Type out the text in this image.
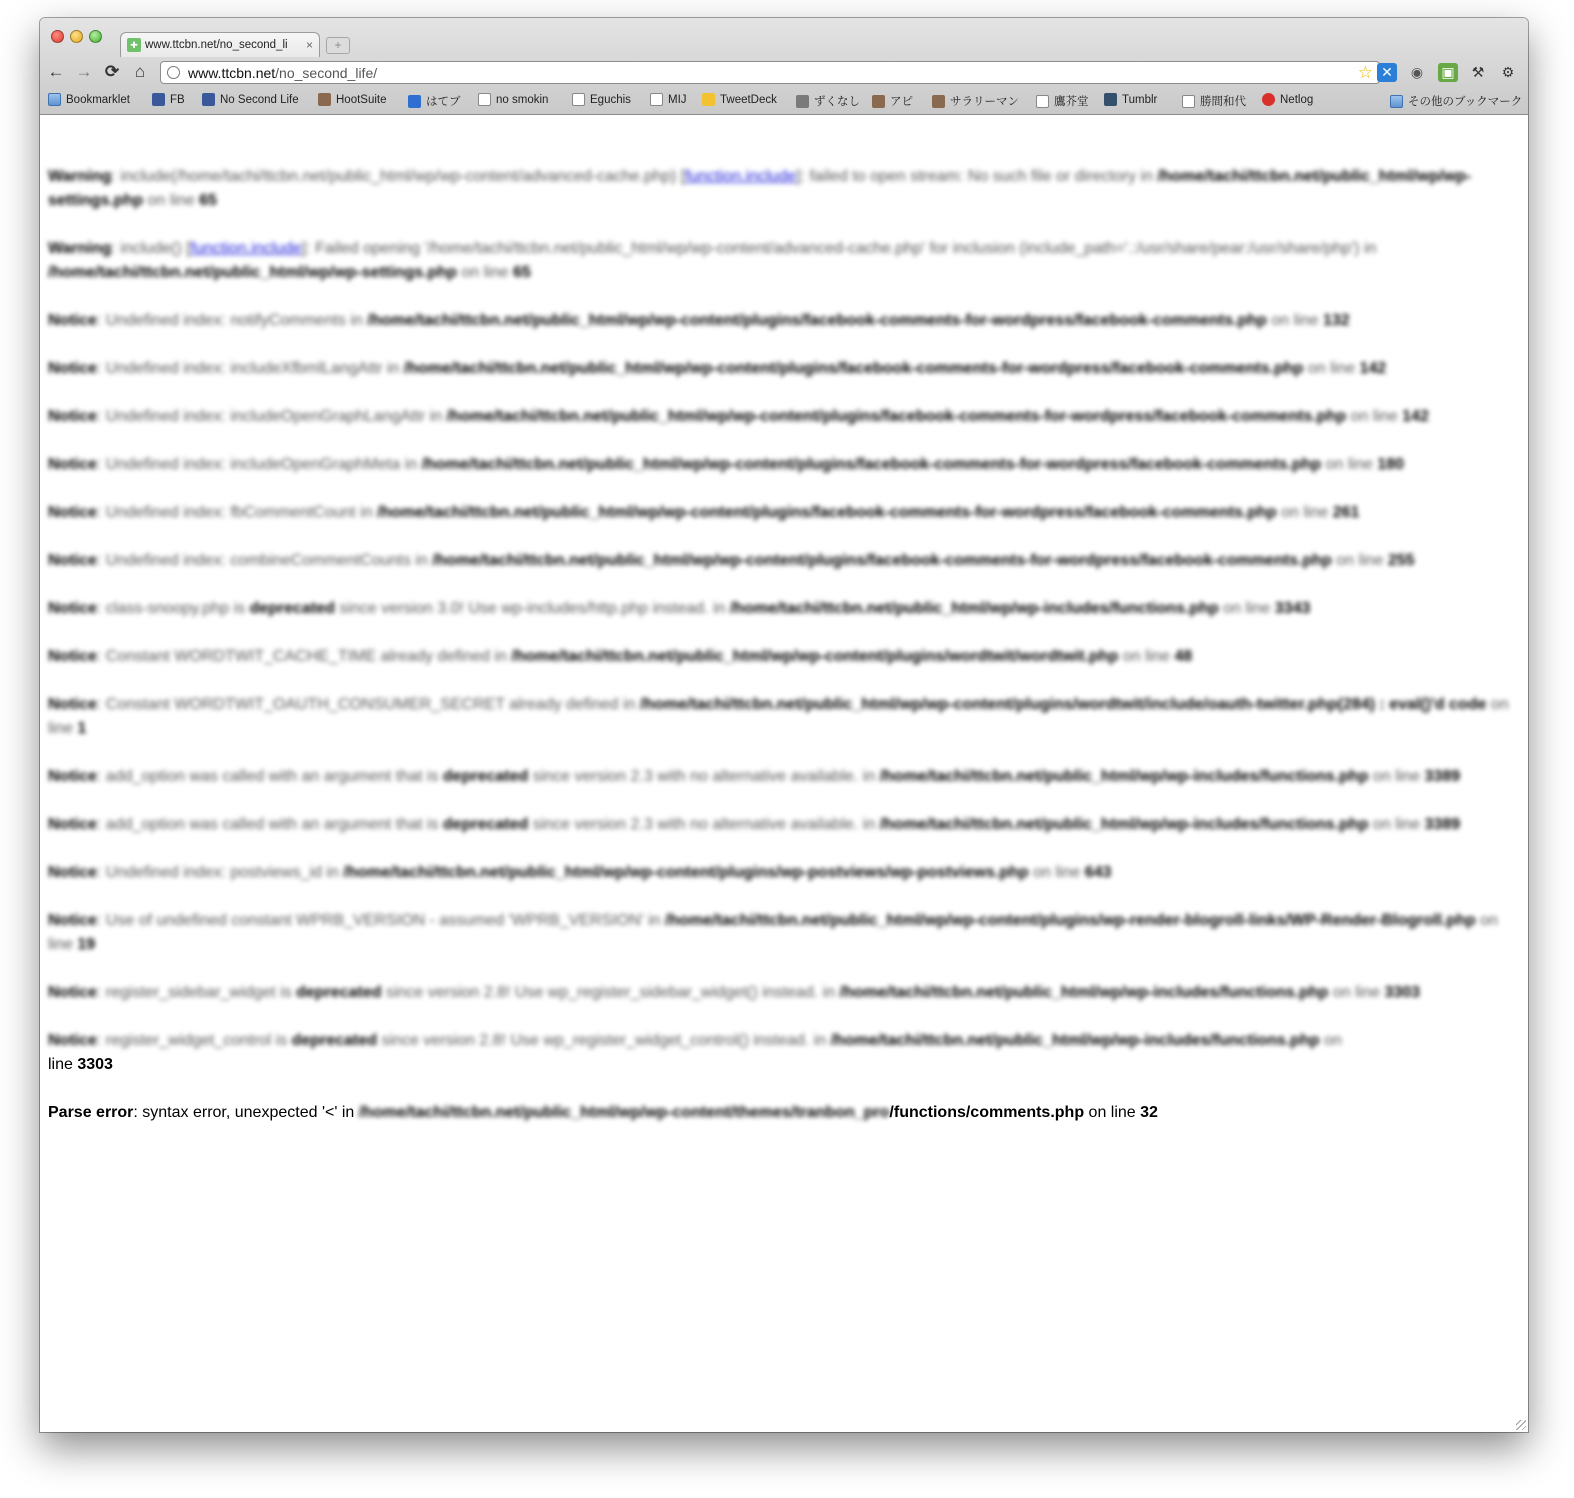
✚ www.ttcbn.net/no_second_li	×	+
← → ⟳ ⌂	www.ttcbn.net/no_second_life/	☆ ✕ ◉ ▣ ⚒ ⚙
Bookmarklet	FB	No Second Life	HootSuite	はてブ	no smokin	Eguchis	MIJ	TweetDeck	ずくなし	アピ	サラリーマン	鷹芥堂	Tumblr	勝間和代	Netlog	その他のブックマーク

Warning: include(/home/tachi/ttcbn.net/public_html/wp/wp-content/advanced-cache.php) [function.include]: failed to open stream: No such file or directory in /home/tachi/ttcbn.net/public_html/wp/wp-settings.php on line 65

Warning: include() [function.include]: Failed opening '/home/tachi/ttcbn.net/public_html/wp/wp-content/advanced-cache.php' for inclusion (include_path='.:/usr/share/pear:/usr/share/php') in /home/tachi/ttcbn.net/public_html/wp/wp-settings.php on line 65

Notice: Undefined index: notifyComments in /home/tachi/ttcbn.net/public_html/wp/wp-content/plugins/facebook-comments-for-wordpress/facebook-comments.php on line 132

Notice: Undefined index: includeXfbmlLangAttr in /home/tachi/ttcbn.net/public_html/wp/wp-content/plugins/facebook-comments-for-wordpress/facebook-comments.php on line 142

Notice: Undefined index: includeOpenGraphLangAttr in /home/tachi/ttcbn.net/public_html/wp/wp-content/plugins/facebook-comments-for-wordpress/facebook-comments.php on line 142

Notice: Undefined index: includeOpenGraphMeta in /home/tachi/ttcbn.net/public_html/wp/wp-content/plugins/facebook-comments-for-wordpress/facebook-comments.php on line 180

Notice: Undefined index: fbCommentCount in /home/tachi/ttcbn.net/public_html/wp/wp-content/plugins/facebook-comments-for-wordpress/facebook-comments.php on line 261

Notice: Undefined index: combineCommentCounts in /home/tachi/ttcbn.net/public_html/wp/wp-content/plugins/facebook-comments-for-wordpress/facebook-comments.php on line 255

Notice: class-snoopy.php is deprecated since version 3.0! Use wp-includes/http.php instead. in /home/tachi/ttcbn.net/public_html/wp/wp-includes/functions.php on line 3343

Notice: Constant WORDTWIT_CACHE_TIME already defined in /home/tachi/ttcbn.net/public_html/wp/wp-content/plugins/wordtwit/wordtwit.php on line 48

Notice: Constant WORDTWIT_OAUTH_CONSUMER_SECRET already defined in /home/tachi/ttcbn.net/public_html/wp/wp-content/plugins/wordtwit/include/oauth-twitter.php(284) : eval()'d code on line 1

Notice: add_option was called with an argument that is deprecated since version 2.3 with no alternative available. in /home/tachi/ttcbn.net/public_html/wp/wp-includes/functions.php on line 3389

Notice: add_option was called with an argument that is deprecated since version 2.3 with no alternative available. in /home/tachi/ttcbn.net/public_html/wp/wp-includes/functions.php on line 3389

Notice: Undefined index: postviews_id in /home/tachi/ttcbn.net/public_html/wp/wp-content/plugins/wp-postviews/wp-postviews.php on line 643

Notice: Use of undefined constant WPRB_VERSION - assumed 'WPRB_VERSION' in /home/tachi/ttcbn.net/public_html/wp/wp-content/plugins/wp-render-blogroll-links/WP-Render-Blogroll.php on line 19

Notice: register_sidebar_widget is deprecated since version 2.8! Use wp_register_sidebar_widget() instead. in /home/tachi/ttcbn.net/public_html/wp/wp-includes/functions.php on line 3303

Notice: register_widget_control is deprecated since version 2.8! Use wp_register_widget_control() instead. in /home/tachi/ttcbn.net/public_html/wp/wp-includes/functions.php on
line 3303

Parse error: syntax error, unexpected '<' in /home/tachi/ttcbn.net/public_html/wp/wp-content/themes/tranbon_pro/functions/comments.php on line 32
